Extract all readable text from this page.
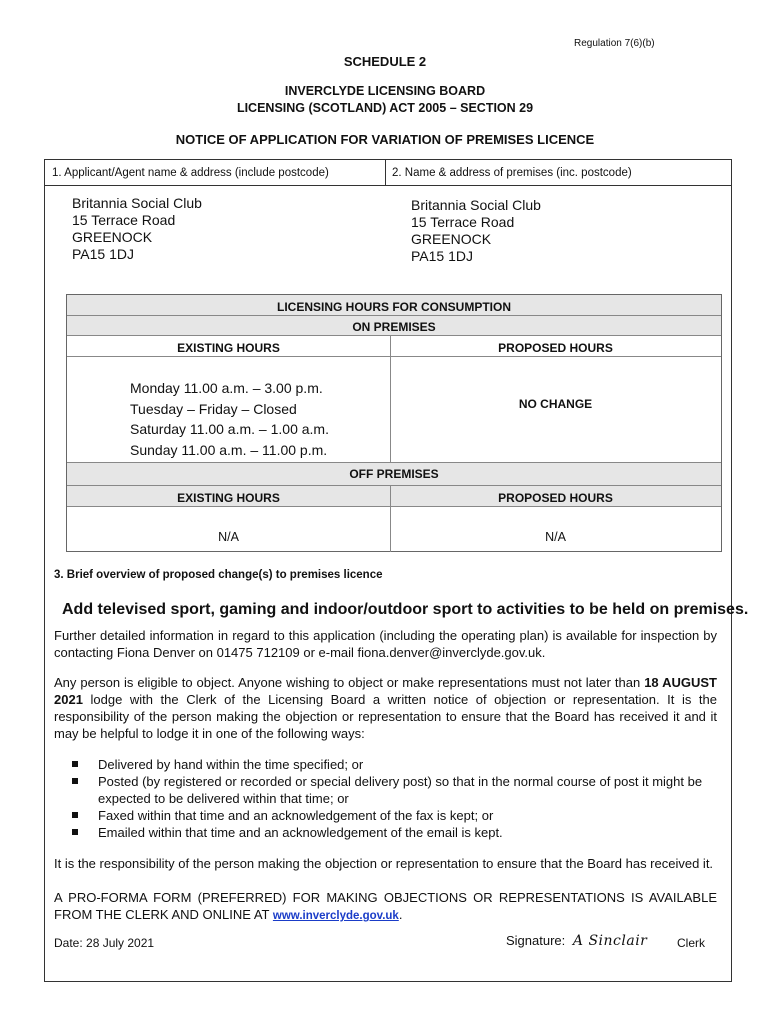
Regulation 7(6)(b)
SCHEDULE 2
INVERCLYDE LICENSING BOARD
LICENSING (SCOTLAND) ACT 2005 – SECTION 29
NOTICE OF APPLICATION FOR VARIATION OF PREMISES LICENCE
1. Applicant/Agent name & address (include postcode)	2. Name & address of premises (inc. postcode)
Britannia Social Club
15 Terrace Road
GREENOCK
PA15 1DJ
Britannia Social Club
15 Terrace Road
GREENOCK
PA15 1DJ
LICENSING HOURS FOR CONSUMPTION
ON PREMISES
EXISTING HOURS	PROPOSED HOURS
Monday 11.00 a.m. – 3.00 p.m.
Tuesday – Friday – Closed
Saturday 11.00 a.m. – 1.00 a.m.
Sunday 11.00 a.m. – 11.00 p.m.
NO CHANGE
OFF PREMISES
EXISTING HOURS	PROPOSED HOURS
N/A	N/A
3. Brief overview of proposed change(s) to premises licence
Add televised sport, gaming and indoor/outdoor sport to activities to be held on premises.
Further detailed information in regard to this application (including the operating plan) is available for inspection by contacting Fiona Denver on 01475 712109 or e-mail fiona.denver@inverclyde.gov.uk.
Any person is eligible to object. Anyone wishing to object or make representations must not later than 18 AUGUST 2021 lodge with the Clerk of the Licensing Board a written notice of objection or representation. It is the responsibility of the person making the objection or representation to ensure that the Board has received it and it may be helpful to lodge it in one of the following ways:
Delivered by hand within the time specified; or
Posted (by registered or recorded or special delivery post) so that in the normal course of post it might be expected to be delivered within that time; or
Faxed within that time and an acknowledgement of the fax is kept; or
Emailed within that time and an acknowledgement of the email is kept.
It is the responsibility of the person making the objection or representation to ensure that the Board has received it.
A PRO-FORMA FORM (PREFERRED) FOR MAKING OBJECTIONS OR REPRESENTATIONS IS AVAILABLE FROM THE CLERK AND ONLINE AT www.inverclyde.gov.uk.
Date: 28 July 2021	Signature: A Sinclair Clerk
